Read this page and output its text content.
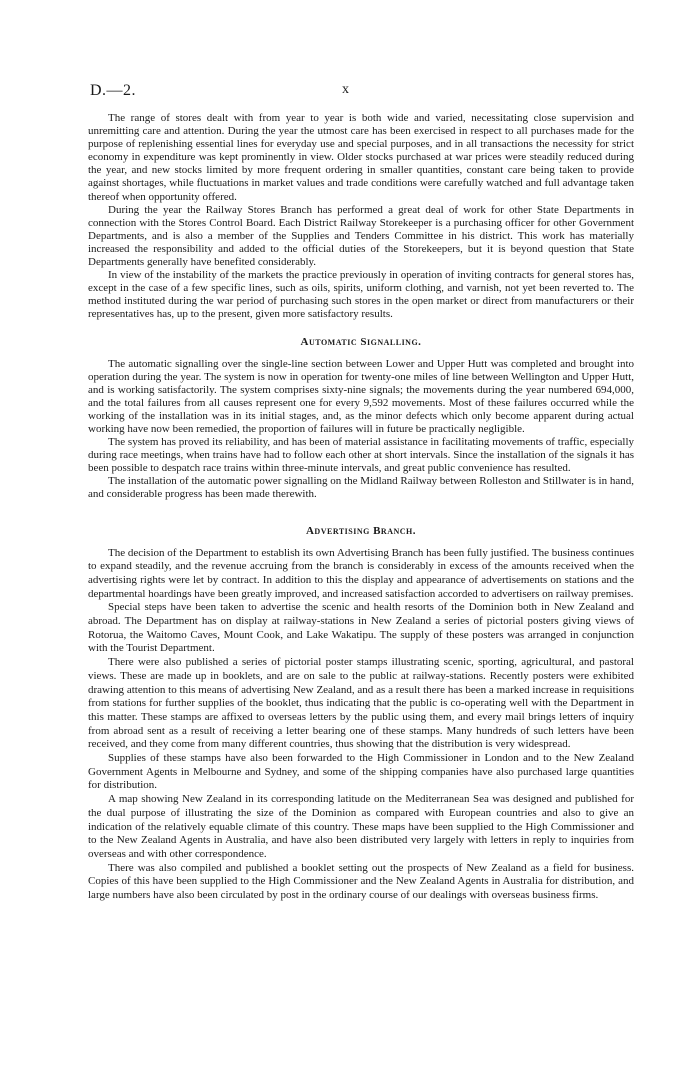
D.—2.	x

The range of stores dealt with from year to year is both wide and varied, necessitating close supervision and unremitting care and attention. During the year the utmost care has been exercised in respect to all purchases made for the purpose of replenishing essential lines for everyday use and special purposes, and in all transactions the necessity for strict economy in expenditure was kept prominently in view. Older stocks purchased at war prices were steadily reduced during the year, and new stocks limited by more frequent ordering in smaller quantities, constant care being taken to provide against shortages, while fluctuations in market values and trade conditions were carefully watched and full advantage taken thereof when opportunity offered.

During the year the Railway Stores Branch has performed a great deal of work for other State Departments in connection with the Stores Control Board. Each District Railway Storekeeper is a purchasing officer for other Government Departments, and is also a member of the Supplies and Tenders Committee in his district. This work has materially increased the responsibility and added to the official duties of the Storekeepers, but it is beyond question that State Departments generally have benefited considerably.

In view of the instability of the markets the practice previously in operation of inviting contracts for general stores has, except in the case of a few specific lines, such as oils, spirits, uniform clothing, and varnish, not yet been reverted to. The method instituted during the war period of purchasing such stores in the open market or direct from manufacturers or their representatives has, up to the present, given more satisfactory results.

Automatic Signalling.

The automatic signalling over the single-line section between Lower and Upper Hutt was completed and brought into operation during the year. The system is now in operation for twenty-one miles of line between Wellington and Upper Hutt, and is working satisfactorily. The system comprises sixty-nine signals; the movements during the year numbered 694,000, and the total failures from all causes represent one for every 9,592 movements. Most of these failures occurred while the working of the installation was in its initial stages, and, as the minor defects which only become apparent during actual working have now been remedied, the proportion of failures will in future be practically negligible.

The system has proved its reliability, and has been of material assistance in facilitating movements of traffic, especially during race meetings, when trains have had to follow each other at short intervals. Since the installation of the signals it has been possible to despatch race trains within three-minute intervals, and great public convenience has resulted.

The installation of the automatic power signalling on the Midland Railway between Rolleston and Stillwater is in hand, and considerable progress has been made therewith.

Advertising Branch.

The decision of the Department to establish its own Advertising Branch has been fully justified. The business continues to expand steadily, and the revenue accruing from the branch is considerably in excess of the amounts received when the advertising rights were let by contract. In addition to this the display and appearance of advertisements on stations and the departmental hoardings have been greatly improved, and increased satisfaction accorded to advertisers on railway premises.

Special steps have been taken to advertise the scenic and health resorts of the Dominion both in New Zealand and abroad. The Department has on display at railway-stations in New Zealand a series of pictorial posters giving views of Rotorua, the Waitomo Caves, Mount Cook, and Lake Wakatipu. The supply of these posters was arranged in conjunction with the Tourist Department.

There were also published a series of pictorial poster stamps illustrating scenic, sporting, agricultural, and pastoral views. These are made up in booklets, and are on sale to the public at railway-stations. Recently posters were exhibited drawing attention to this means of advertising New Zealand, and as a result there has been a marked increase in requisitions from stations for further supplies of the booklet, thus indicating that the public is co-operating well with the Department in this matter. These stamps are affixed to overseas letters by the public using them, and every mail brings letters of inquiry from abroad sent as a result of receiving a letter bearing one of these stamps. Many hundreds of such letters have been received, and they come from many different countries, thus showing that the distribution is very widespread.

Supplies of these stamps have also been forwarded to the High Commissioner in London and to the New Zealand Government Agents in Melbourne and Sydney, and some of the shipping companies have also purchased large quantities for distribution.

A map showing New Zealand in its corresponding latitude on the Mediterranean Sea was designed and published for the dual purpose of illustrating the size of the Dominion as compared with European countries and also to give an indication of the relatively equable climate of this country. These maps have been supplied to the High Commissioner and to the New Zealand Agents in Australia, and have also been distributed very largely with letters in reply to inquiries from overseas and with other correspondence.

There was also compiled and published a booklet setting out the prospects of New Zealand as a field for business. Copies of this have been supplied to the High Commissioner and the New Zealand Agents in Australia for distribution, and large numbers have also been circulated by post in the ordinary course of our dealings with overseas business firms.
